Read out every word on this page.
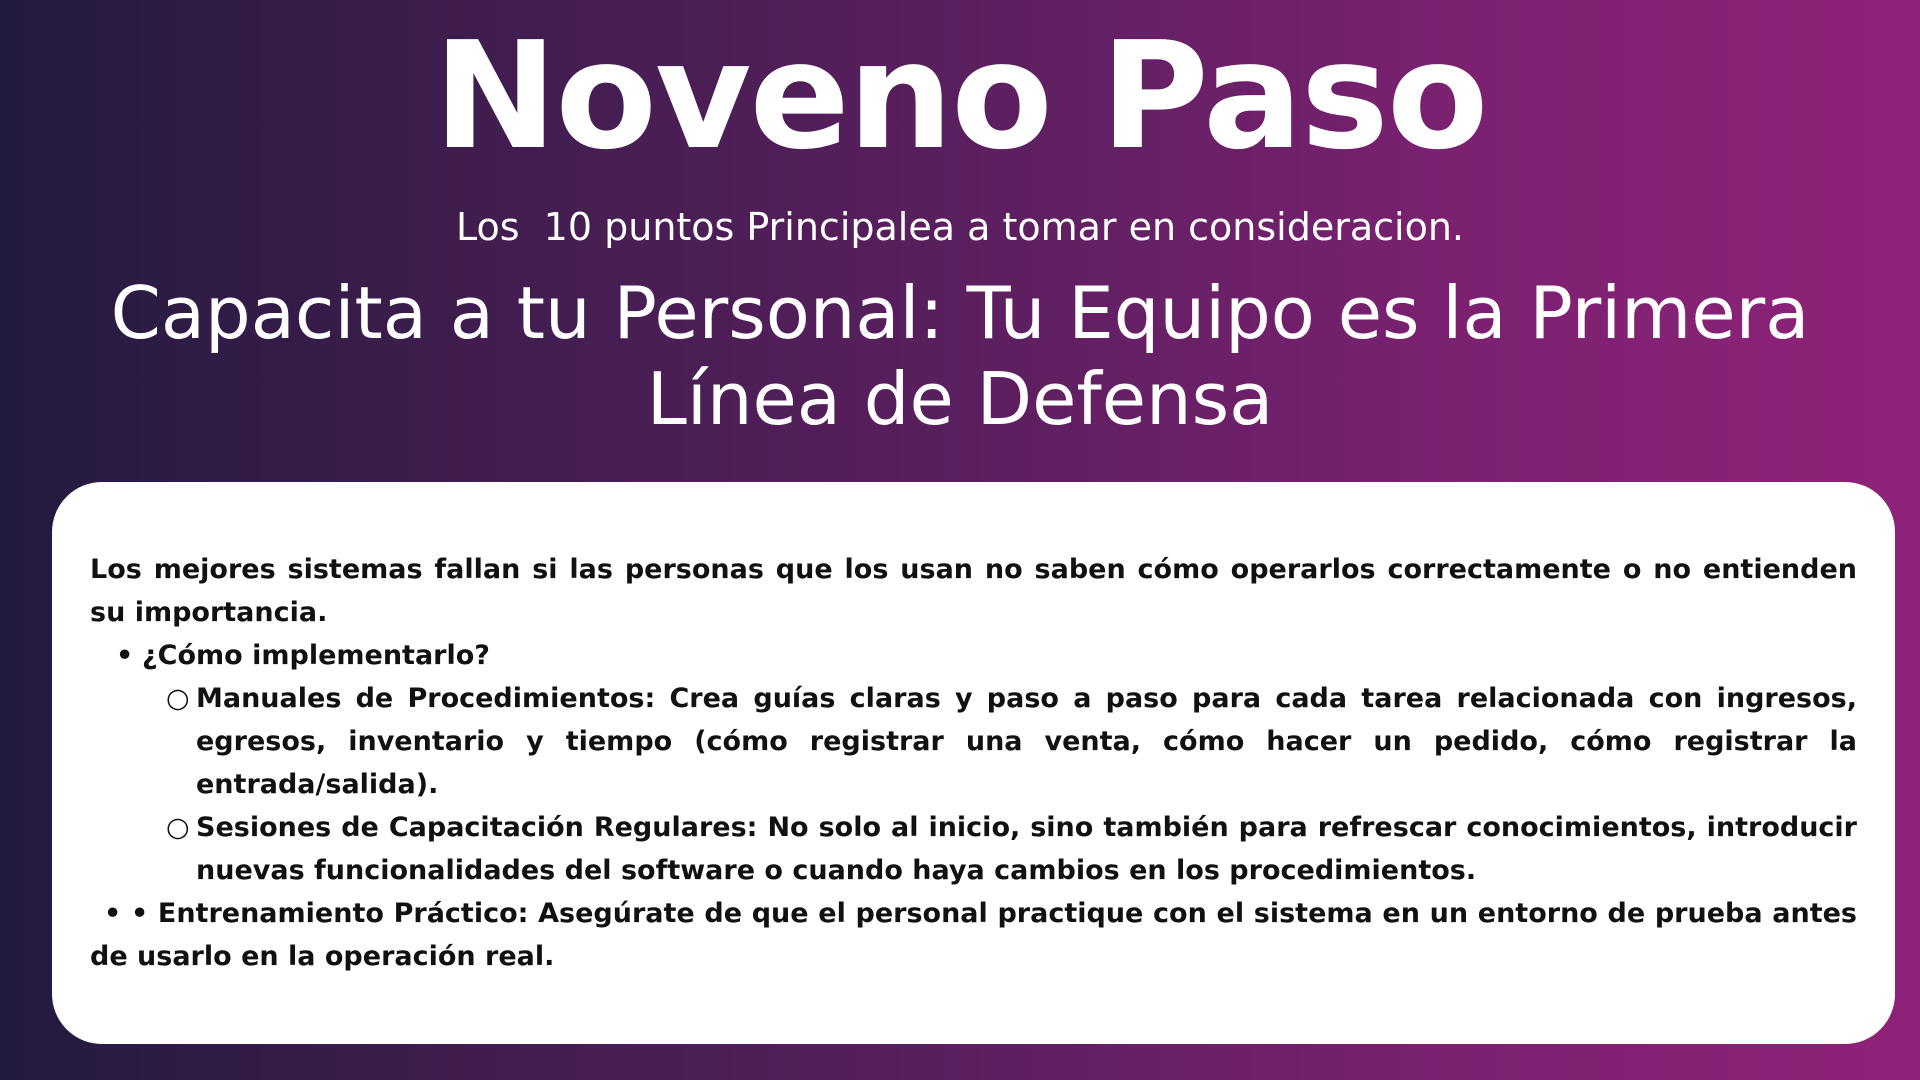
Noveno Paso
Los  10 puntos Principalea a tomar en consideracion.
Capacita a tu Personal: Tu Equipo es la Primera Línea de Defensa

Los mejores sistemas fallan si las personas que los usan no saben cómo operarlos correctamente o no entienden su importancia.

• ¿Cómo implementarlo?
○ Manuales de Procedimientos: Crea guías claras y paso a paso para cada tarea relacionada con ingresos, egresos, inventario y tiempo (cómo registrar una venta, cómo hacer un pedido, cómo registrar la entrada/salida).
○ Sesiones de Capacitación Regulares: No solo al inicio, sino también para refrescar conocimientos, introducir nuevas funcionalidades del software o cuando haya cambios en los procedimientos.

• • Entrenamiento Práctico: Asegúrate de que el personal practique con el sistema en un entorno de prueba antes de usarlo en la operación real.
